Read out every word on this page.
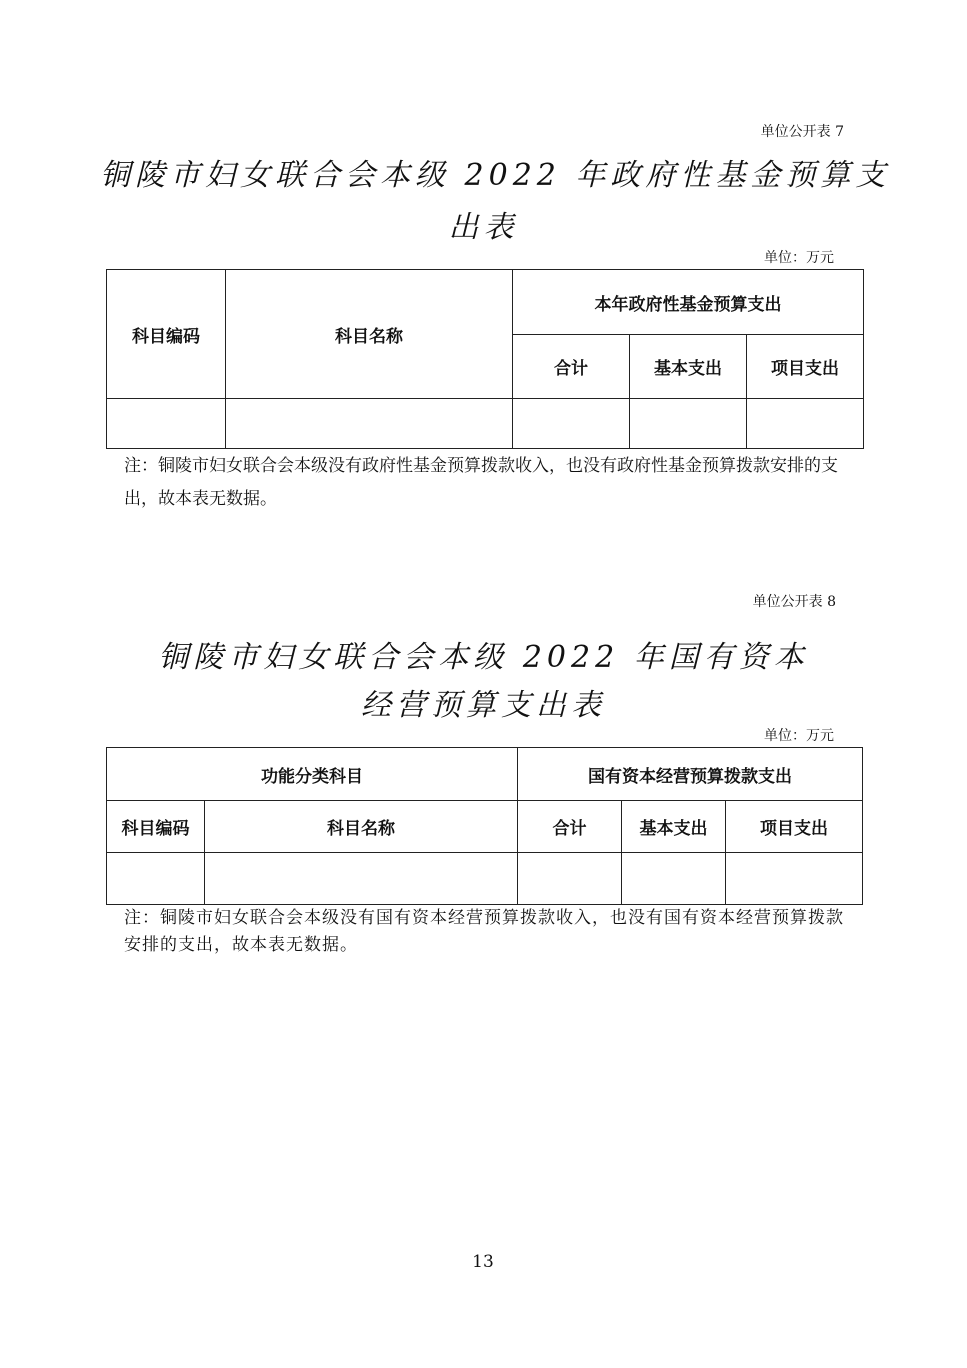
单位公开表 7
铜陵市妇女联合会本级 2022 年政府性基金预算支
出表
单位：万元
科目编码	科目名称	本年政府性基金预算支出		
		合计	基本支出	项目支出

注：铜陵市妇女联合会本级没有政府性基金预算拨款收入，也没有政府性基金预算拨款安排的支出，故本表无数据。
单位公开表 8
铜陵市妇女联合会本级 2022 年国有资本
经营预算支出表
单位：万元
功能分类科目		国有资本经营预算拨款支出		
科目编码	科目名称	合计	基本支出	项目支出

注：铜陵市妇女联合会本级没有国有资本经营预算拨款收入，也没有国有资本经营预算拨款安排的支出，故本表无数据。
13
